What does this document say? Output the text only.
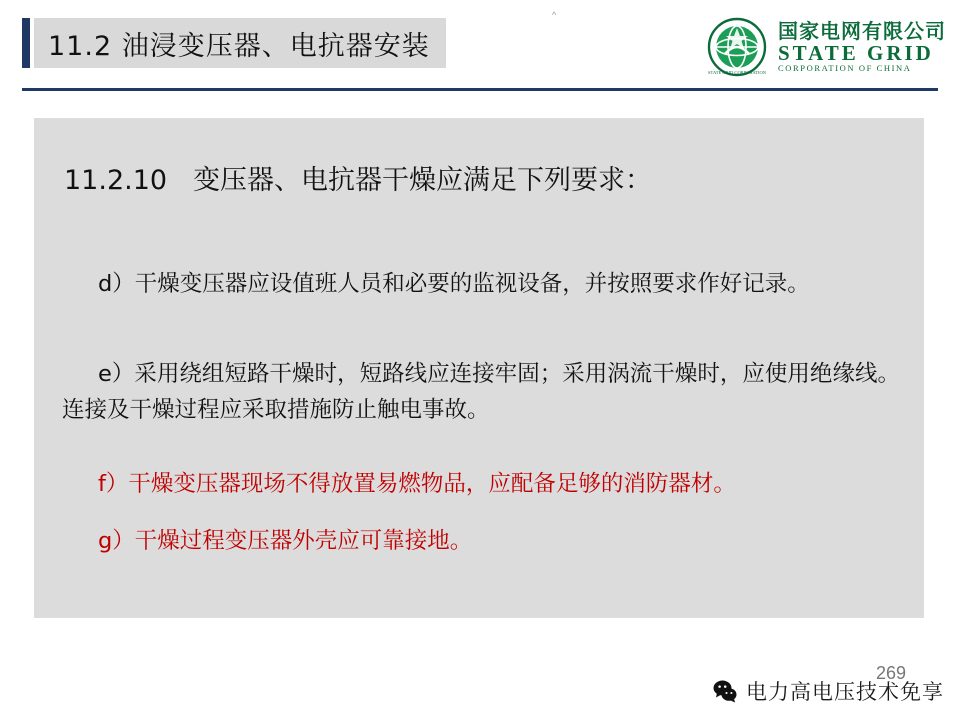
11.2 油浸变压器、电抗器安装
^
STATE GRID CORPORATION
国家电网有限公司
STATE GRID
CORPORATION OF CHINA
11.2.10 变压器、电抗器干燥应满足下列要求：
d）干燥变压器应设值班人员和必要的监视设备，并按照要求作好记录。
e）采用绕组短路干燥时，短路线应连接牢固；采用涡流干燥时，应使用绝缘线。连接及干燥过程应采取措施防止触电事故。
f）干燥变压器现场不得放置易燃物品，应配备足够的消防器材。
g）干燥过程变压器外壳应可靠接地。
269
电力高电压技术免享
